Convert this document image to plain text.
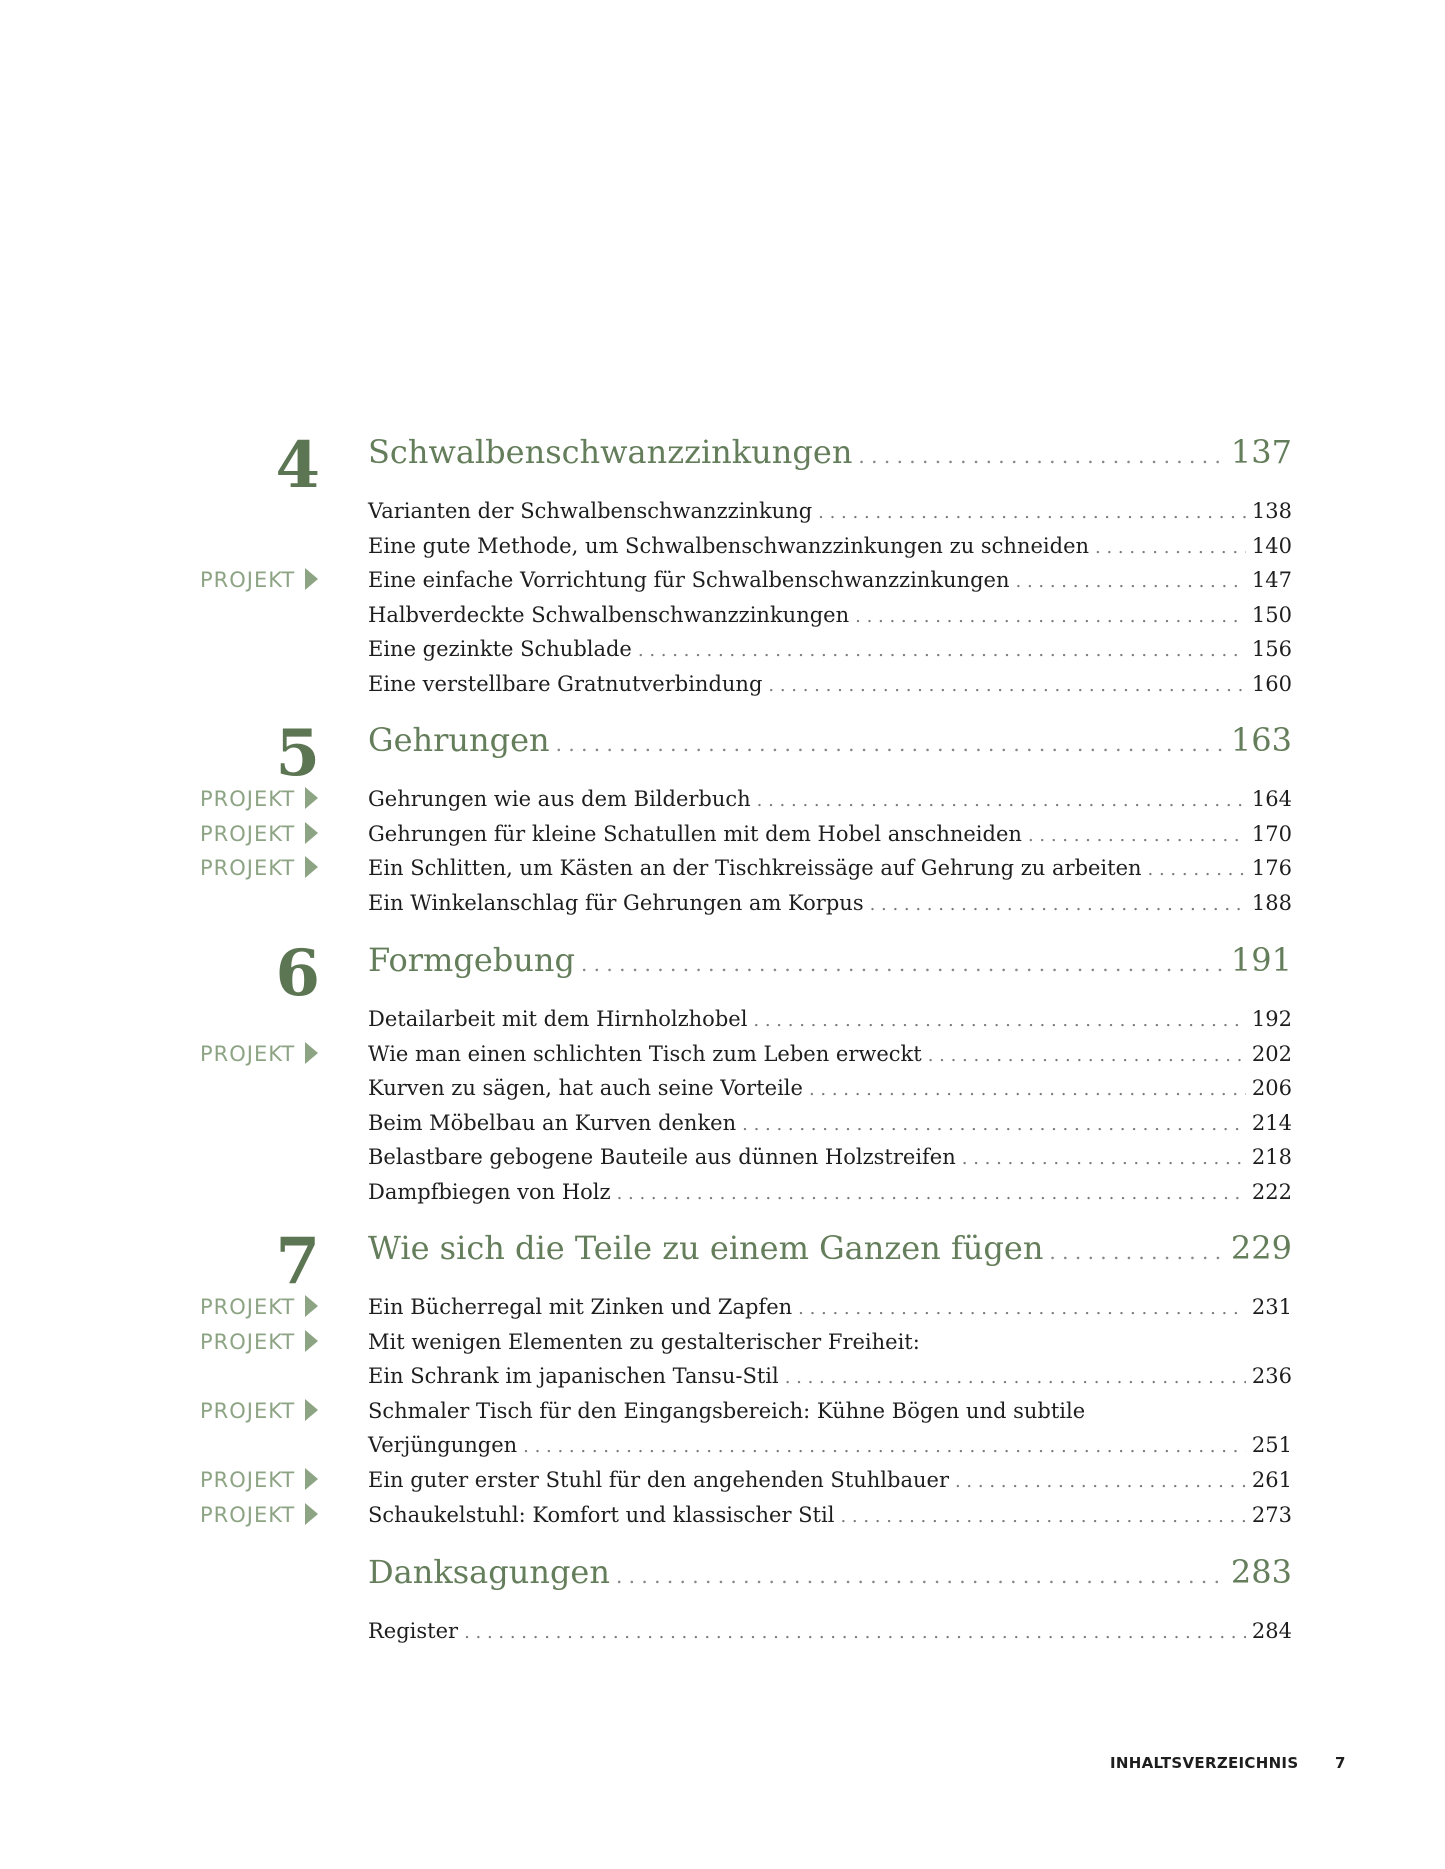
4 Schwalbenschwanzzinkungen . . .	137
Varianten der Schwalbenschwanzzinkung . . .	138
Eine gute Methode, um Schwalbenschwanzzinkungen zu schneiden . . .	140
PROJEKT	Eine einfache Vorrichtung für Schwalbenschwanzzinkungen . . .	147
Halbverdeckte Schwalbenschwanzzinkungen . . .	150
Eine gezinkte Schublade . . .	156
Eine verstellbare Gratnutverbindung . . .	160
5 Gehrungen . . .	163
PROJEKT	Gehrungen wie aus dem Bilderbuch . . .	164
PROJEKT	Gehrungen für kleine Schatullen mit dem Hobel anschneiden . . .	170
PROJEKT	Ein Schlitten, um Kästen an der Tischkreissäge auf Gehrung zu arbeiten . . .	176
Ein Winkelanschlag für Gehrungen am Korpus . . .	188
6 Formgebung . . .	191
Detailarbeit mit dem Hirnholzhobel . . .	192
PROJEKT	Wie man einen schlichten Tisch zum Leben erweckt . . .	202
Kurven zu sägen, hat auch seine Vorteile . . .	206
Beim Möbelbau an Kurven denken . . .	214
Belastbare gebogene Bauteile aus dünnen Holzstreifen . . .	218
Dampfbiegen von Holz . . .	222
7 Wie sich die Teile zu einem Ganzen fügen . . .	229
PROJEKT	Ein Bücherregal mit Zinken und Zapfen . . .	231
PROJEKT	Mit wenigen Elementen zu gestalterischer Freiheit:
Ein Schrank im japanischen Tansu-Stil . . .	236
PROJEKT	Schmaler Tisch für den Eingangsbereich: Kühne Bögen und subtile
Verjüngungen . . .	251
PROJEKT	Ein guter erster Stuhl für den angehenden Stuhlbauer . . .	261
PROJEKT	Schaukelstuhl: Komfort und klassischer Stil . . .	273
Danksagungen . . .	283
Register . . .	284
INHALTSVERZEICHNIS 7
